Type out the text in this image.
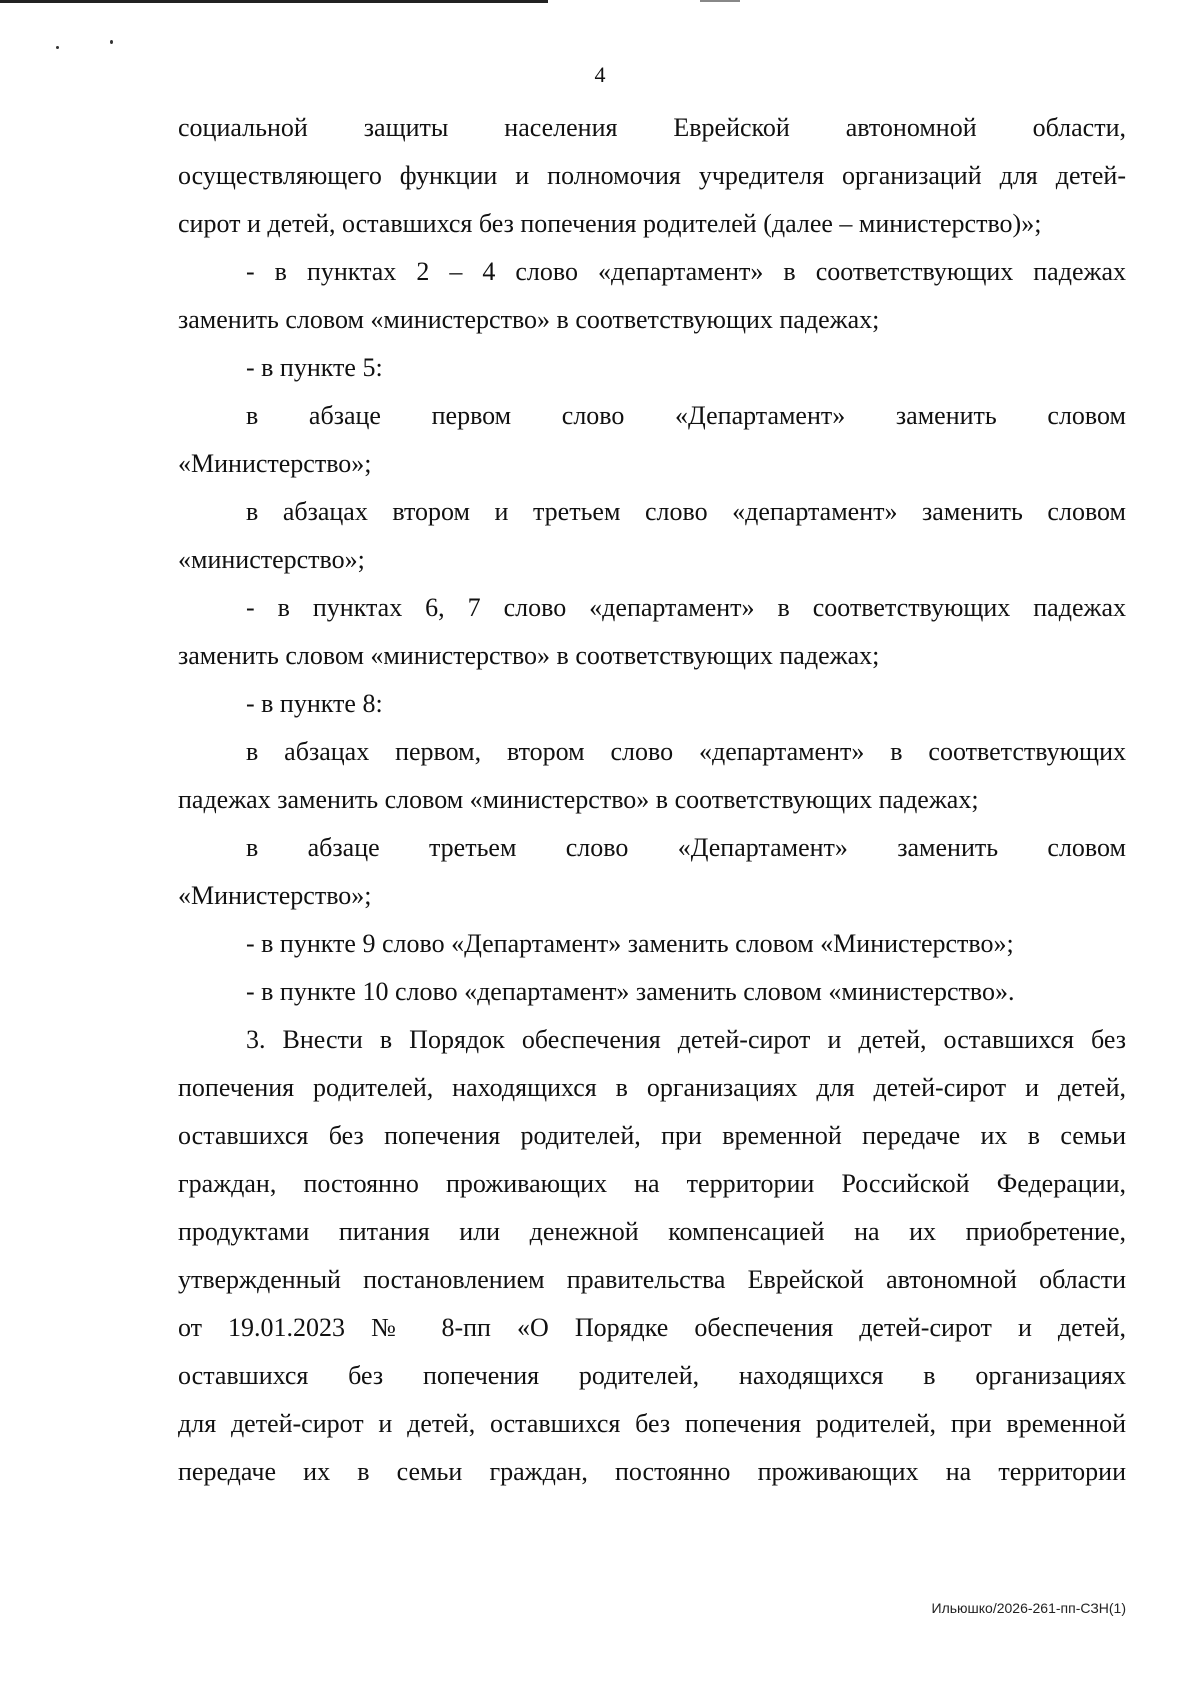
4
социальной защиты населения Еврейской автономной области,
осуществляющего функции и полномочия учредителя организаций для детей-
сирот и детей, оставшихся без попечения родителей (далее – министерство)»;
- в пунктах 2 – 4 слово «департамент» в соответствующих падежах
заменить словом «министерство» в соответствующих падежах;
- в пункте 5:
в абзаце первом слово «Департамент» заменить словом
«Министерство»;
в абзацах втором и третьем слово «департамент» заменить словом
«министерство»;
- в пунктах 6, 7 слово «департамент» в соответствующих падежах
заменить словом «министерство» в соответствующих падежах;
- в пункте 8:
в абзацах первом, втором слово «департамент» в соответствующих
падежах заменить словом «министерство» в соответствующих падежах;
в абзаце третьем слово «Департамент» заменить словом
«Министерство»;
- в пункте 9 слово «Департамент» заменить словом «Министерство»;
- в пункте 10 слово «департамент» заменить словом «министерство».
3. Внести в Порядок обеспечения детей-сирот и детей, оставшихся без
попечения родителей, находящихся в организациях для детей-сирот и детей,
оставшихся без попечения родителей, при временной передаче их в семьи
граждан, постоянно проживающих на территории Российской Федерации,
продуктами питания или денежной компенсацией на их приобретение,
утвержденный постановлением правительства Еврейской автономной области
от 19.01.2023 № 8-пп «О Порядке обеспечения детей-сирот и детей,
оставшихся без попечения родителей, находящихся в организациях
для детей-сирот и детей, оставшихся без попечения родителей, при временной
передаче их в семьи граждан, постоянно проживающих на территории
Ильюшко/2026-261-пп-СЗН(1)
